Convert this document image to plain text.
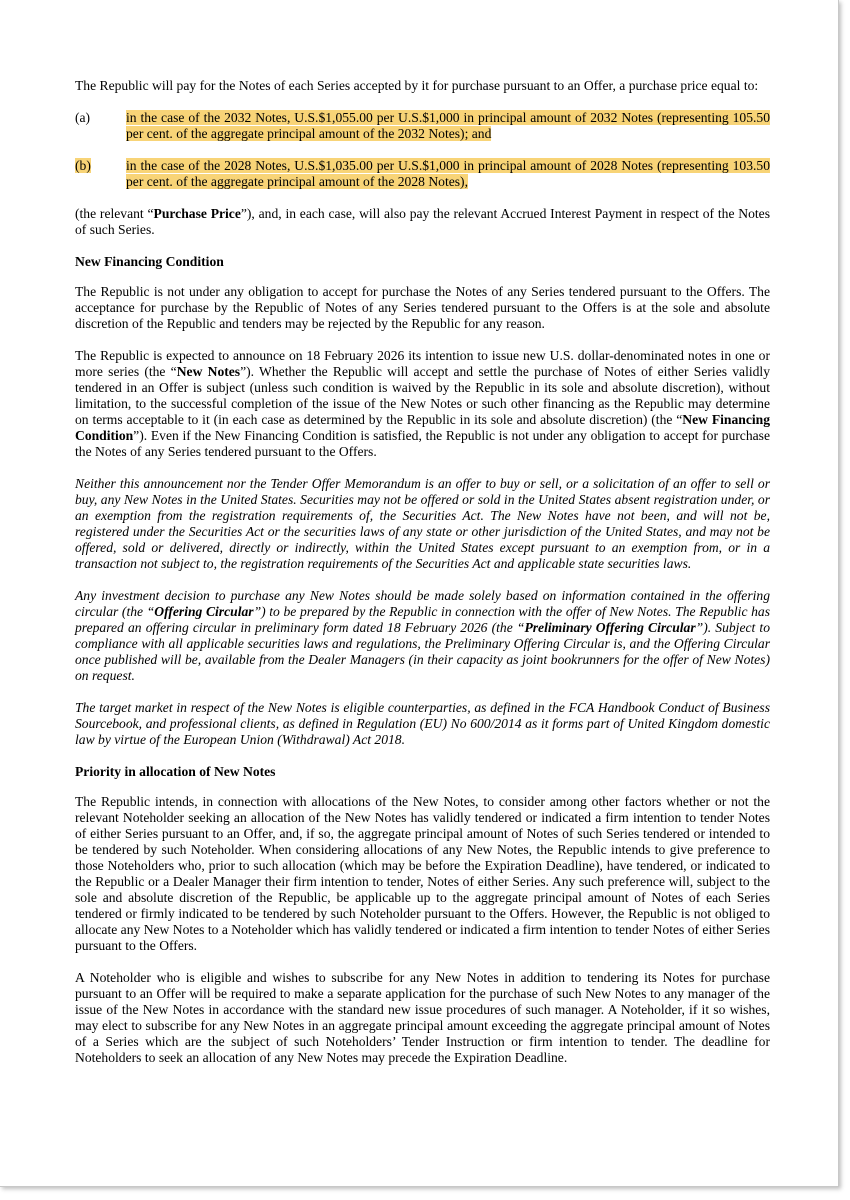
The Republic will pay for the Notes of each Series accepted by it for purchase pursuant to an Offer, a purchase price equal to:

(a)	in the case of the 2032 Notes, U.S.$1,055.00 per U.S.$1,000 in principal amount of 2032 Notes (representing 105.50 per cent. of the aggregate principal amount of the 2032 Notes); and
(b)	in the case of the 2028 Notes, U.S.$1,035.00 per U.S.$1,000 in principal amount of 2028 Notes (representing 103.50 per cent. of the aggregate principal amount of the 2028 Notes),

(the relevant “Purchase Price”), and, in each case, will also pay the relevant Accrued Interest Payment in respect of the Notes of such Series.

New Financing Condition

The Republic is not under any obligation to accept for purchase the Notes of any Series tendered pursuant to the Offers. The acceptance for purchase by the Republic of Notes of any Series tendered pursuant to the Offers is at the sole and absolute discretion of the Republic and tenders may be rejected by the Republic for any reason.

The Republic is expected to announce on 18 February 2026 its intention to issue new U.S. dollar-denominated notes in one or more series (the “New Notes”). Whether the Republic will accept and settle the purchase of Notes of either Series validly tendered in an Offer is subject (unless such condition is waived by the Republic in its sole and absolute discretion), without limitation, to the successful completion of the issue of the New Notes or such other financing as the Republic may determine on terms acceptable to it (in each case as determined by the Republic in its sole and absolute discretion) (the “New Financing Condition”). Even if the New Financing Condition is satisfied, the Republic is not under any obligation to accept for purchase the Notes of any Series tendered pursuant to the Offers.

Neither this announcement nor the Tender Offer Memorandum is an offer to buy or sell, or a solicitation of an offer to sell or buy, any New Notes in the United States. Securities may not be offered or sold in the United States absent registration under, or an exemption from the registration requirements of, the Securities Act. The New Notes have not been, and will not be, registered under the Securities Act or the securities laws of any state or other jurisdiction of the United States, and may not be offered, sold or delivered, directly or indirectly, within the United States except pursuant to an exemption from, or in a transaction not subject to, the registration requirements of the Securities Act and applicable state securities laws.

Any investment decision to purchase any New Notes should be made solely based on information contained in the offering circular (the “Offering Circular”) to be prepared by the Republic in connection with the offer of New Notes. The Republic has prepared an offering circular in preliminary form dated 18 February 2026 (the “Preliminary Offering Circular”). Subject to compliance with all applicable securities laws and regulations, the Preliminary Offering Circular is, and the Offering Circular once published will be, available from the Dealer Managers (in their capacity as joint bookrunners for the offer of New Notes) on request.

The target market in respect of the New Notes is eligible counterparties, as defined in the FCA Handbook Conduct of Business Sourcebook, and professional clients, as defined in Regulation (EU) No 600/2014 as it forms part of United Kingdom domestic law by virtue of the European Union (Withdrawal) Act 2018.

Priority in allocation of New Notes

The Republic intends, in connection with allocations of the New Notes, to consider among other factors whether or not the relevant Noteholder seeking an allocation of the New Notes has validly tendered or indicated a firm intention to tender Notes of either Series pursuant to an Offer, and, if so, the aggregate principal amount of Notes of such Series tendered or intended to be tendered by such Noteholder. When considering allocations of any New Notes, the Republic intends to give preference to those Noteholders who, prior to such allocation (which may be before the Expiration Deadline), have tendered, or indicated to the Republic or a Dealer Manager their firm intention to tender, Notes of either Series. Any such preference will, subject to the sole and absolute discretion of the Republic, be applicable up to the aggregate principal amount of Notes of each Series tendered or firmly indicated to be tendered by such Noteholder pursuant to the Offers. However, the Republic is not obliged to allocate any New Notes to a Noteholder which has validly tendered or indicated a firm intention to tender Notes of either Series pursuant to the Offers.

A Noteholder who is eligible and wishes to subscribe for any New Notes in addition to tendering its Notes for purchase pursuant to an Offer will be required to make a separate application for the purchase of such New Notes to any manager of the issue of the New Notes in accordance with the standard new issue procedures of such manager. A Noteholder, if it so wishes, may elect to subscribe for any New Notes in an aggregate principal amount exceeding the aggregate principal amount of Notes of a Series which are the subject of such Noteholders’ Tender Instruction or firm intention to tender. The deadline for Noteholders to seek an allocation of any New Notes may precede the Expiration Deadline.
